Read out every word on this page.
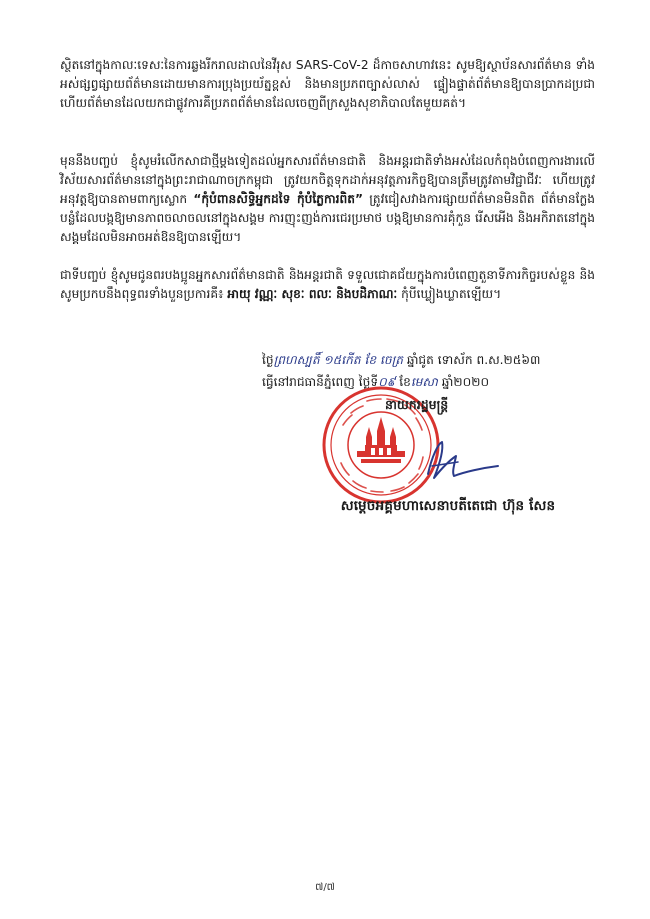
ស្ថិតនៅក្នុងកាលៈទេសៈនៃការឆ្លងរីករាលដាលនៃវីរុស SARS-CoV-2 ដ៏កាចសាហាវនេះ សូមឱ្យស្ថាប័នសារព័ត៌មាន ទាំងអស់ផ្សព្វផ្សាយព័ត៌មានដោយមានការប្រុងប្រយ័ត្នខ្ពស់ និងមានប្រភពច្បាស់លាស់ ផ្ទៀងផ្ទាត់ព័ត៌មានឱ្យបានប្រាកដប្រជា ហើយព័ត៌មានដែលយកជាផ្លូវការគឺប្រភពព័ត៌មានដែលចេញពីក្រសួងសុខាភិបាលតែមួយគត់។

មុននឹងបញ្ចប់ ខ្ញុំសូមរំលើកសាជាថ្មីម្តងទៀតដល់អ្នកសារព័ត៌មានជាតិ និងអន្តរជាតិទាំងអស់ដែលកំពុងបំពេញការងារលើវិស័យសារព័ត៌មាននៅក្នុងព្រះរាជាណាចក្រកម្ពុជា ត្រូវយកចិត្តទុកដាក់អនុវត្តភារកិច្ចឱ្យបានត្រឹមត្រូវតាមវិជ្ជាជីវៈ ហើយត្រូវអនុវត្តឱ្យបានតាមពាក្យស្លោក “កុំបំពានសិទ្ធិអ្នកដទៃ កុំបំភ្លៃការពិត” ត្រូវជៀសវាងការផ្សាយព័ត៌មានមិនពិត ព័ត៌មានក្លែងបន្លំដែលបង្កឱ្យមានភាពចលាចលនៅក្នុងសង្គម ការញុះញង់ការជេរប្រមាថ បង្កឱ្យមានការគុំកួន រើសអើង និងអកិរាតនៅក្នុងសង្គមដែលមិនអាចអត់ឱនឱ្យបានឡើយ។

ជាទីបញ្ចប់ ខ្ញុំសូមជូនពរបងប្អូនអ្នកសារព័ត៌មានជាតិ និងអន្តរជាតិ ទទួលជោគជ័យក្នុងការបំពេញតួនាទីភារកិច្ចរបស់ខ្លួន និងសូមប្រកបនឹងពុទ្ធពរទាំងបួនប្រការគឺ៖ អាយុ វណ្ណៈ សុខៈ ពលៈ និងបដិភាណៈ កុំបីឃ្លៀងឃ្លាតឡើយ។

ថ្ងៃព្រហស្បតិ៍ ១៥កើត ខែ ចេត្រ ឆ្នាំជូត ទោស័ក ព.ស.២៥៦៣
ធ្វើនៅរាជធានីភ្នំពេញ ថ្ងៃទី០៩ ខែមេសា ឆ្នាំ២០២០
នាយករដ្ឋមន្ត្រី
សម្តេចអគ្គមហាសេនាបតីតេជោ ហ៊ុន សែន
៧/៧
